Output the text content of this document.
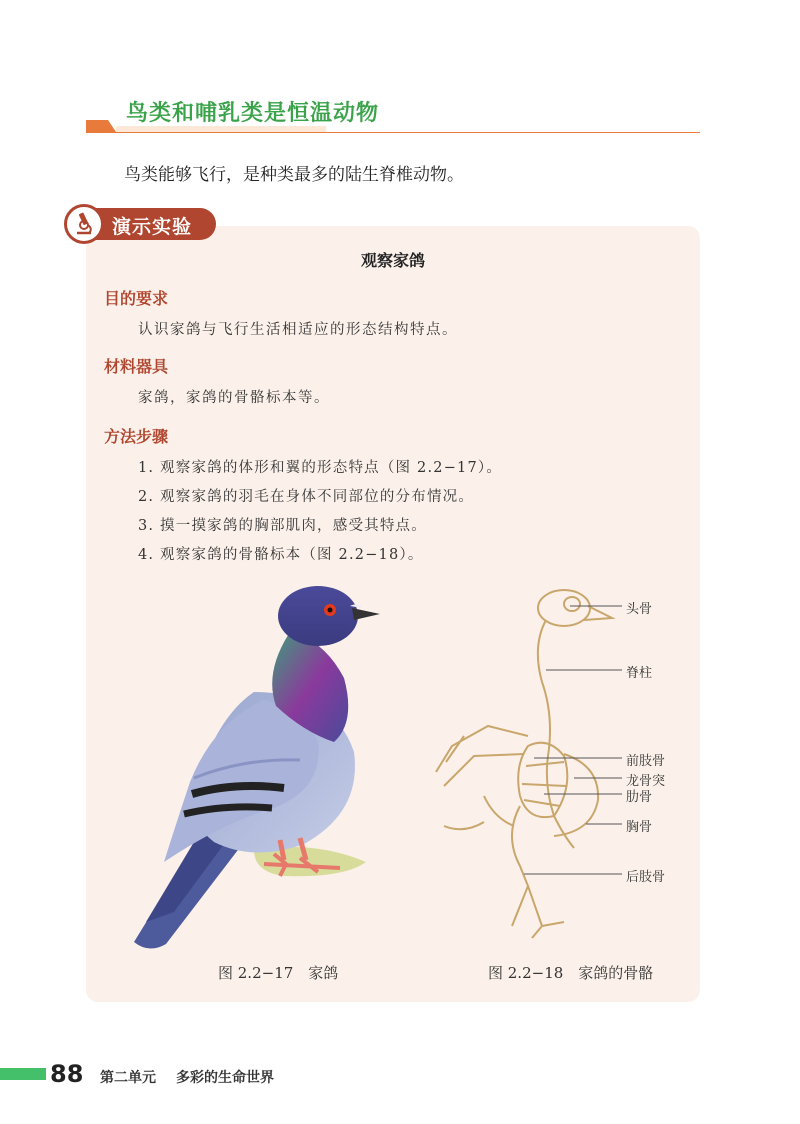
鸟类和哺乳类是恒温动物
鸟类能够飞行，是种类最多的陆生脊椎动物。
演示实验
观察家鸽
目的要求
认识家鸽与飞行生活相适应的形态结构特点。
材料器具
家鸽，家鸽的骨骼标本等。
方法步骤
1. 观察家鸽的体形和翼的形态特点（图 2.2−17）。
2. 观察家鸽的羽毛在身体不同部位的分布情况。
3. 摸一摸家鸽的胸部肌肉，感受其特点。
4. 观察家鸽的骨骼标本（图 2.2−18）。
头骨
脊柱
前肢骨
龙骨突
肋骨
胸骨
后肢骨
图 2.2−17　家鸽	图 2.2−18　家鸽的骨骼
88 第二单元 多彩的生命世界
